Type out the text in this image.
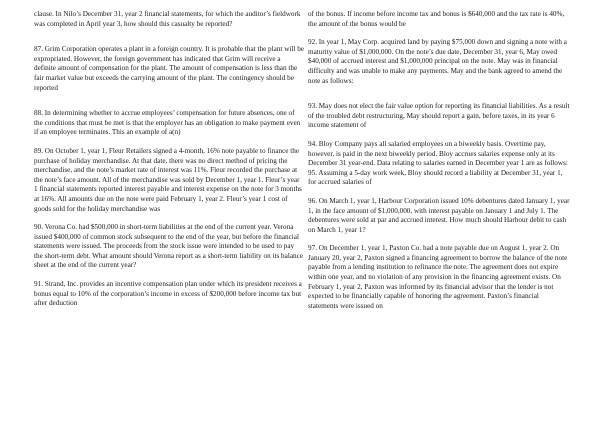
clause. In Nilo’s December 31, year 2 financial statements, for which the auditor’s fieldwork was completed in April year 3, how should this casualty be reported?

87. Grim Corporation operates a plant in a foreign country. It is probable that the plant will be expropriated. However, the foreign government has indicated that Grim will receive a definite amount of compensation for the plant. The amount of compensation is less than the fair market value but exceeds the carrying amount of the plant. The contingency should be reported

88. In determining whether to accrue employees’ compensation for future absences, one of the conditions that must be met is that the employer has an obligation to make payment even if an employee terminates. This an example of a(n)

89. On October 1, year 1, Fleur Retailers signed a 4-month, 16% note payable to finance the purchase of holiday merchandise. At that date, there was no direct method of pricing the merchandise, and the note’s market rate of interest was 11%. Fleur recorded the purchase at the note’s face amount. All of the merchandise was sold by December 1, year 1. Fleur’s year 1 financial statements reported interest payable and interest expense on the note for 3 months at 16%. All amounts due on the note were paid February 1, year 2. Fleur’s year 1 cost of goods sold for the holiday merchandise was

90. Verona Co. had $500,000 in short-term liabilities at the end of the current year. Verona issued $400,000 of common stock subsequent to the end of the year, but before the financial statements were issued. The proceeds from the stock issue were intended to be used to pay the short-term debt. What amount should Verona report as a short-term liability on its balance sheet at the end of the current year?

91. Strand, Inc. provides an incentive compensation plan under which its president receives a bonus equal to 10% of the corporation’s income in excess of $200,000 before income tax but after deduction

of the bonus. If income before income tax and bonus is $640,000 and the tax rate is 40%, the amount of the bonus would be

92. In year 1, May Corp. acquired land by paying $75,000 down and signing a note with a maturity value of $1,000,000. On the note’s due date, December 31, year 6, May owed $40,000 of accrued interest and $1,000,000 principal on the note. May was in financial difficulty and was unable to make any payments. May and the bank agreed to amend the note as follows:

93. May does not elect the fair value option for reporting its financial liabilities. As a result of the troubled debt restructuring, May should report a gain, before taxes, in its year 6 income statement of

94. Bloy Company pays all salaried employees on a biweekly basis. Overtime pay, however, is paid in the next biweekly period. Bloy accrues salaries expense only at its December 31 year-end. Data relating to salaries earned in December year 1 are as follows:

95. Assuming a 5-day work week, Bloy should record a liability at December 31, year 1, for accrued salaries of

96. On March 1, year 1, Harbour Corporation issued 10% debentures dated January 1, year 1, in the face amount of $1,000,000, with interest payable on January 1 and July 1. The debentures were sold at par and accrued interest. How much should Harbour debit to cash on March 1, year 1?

97. On December 1, year 1, Paxton Co. had a note payable due on August 1, year 2. On January 20, year 2, Paxton signed a financing agreement to borrow the balance of the note payable from a lending institution to refinance the note. The agreement does not expire within one year, and no violation of any provision in the financing agreement exists. On February 1, year 2, Paxton was informed by its financial advisor that the lender is not expected to be financially capable of honoring the agreement. Paxton’s financial statements were issued on
